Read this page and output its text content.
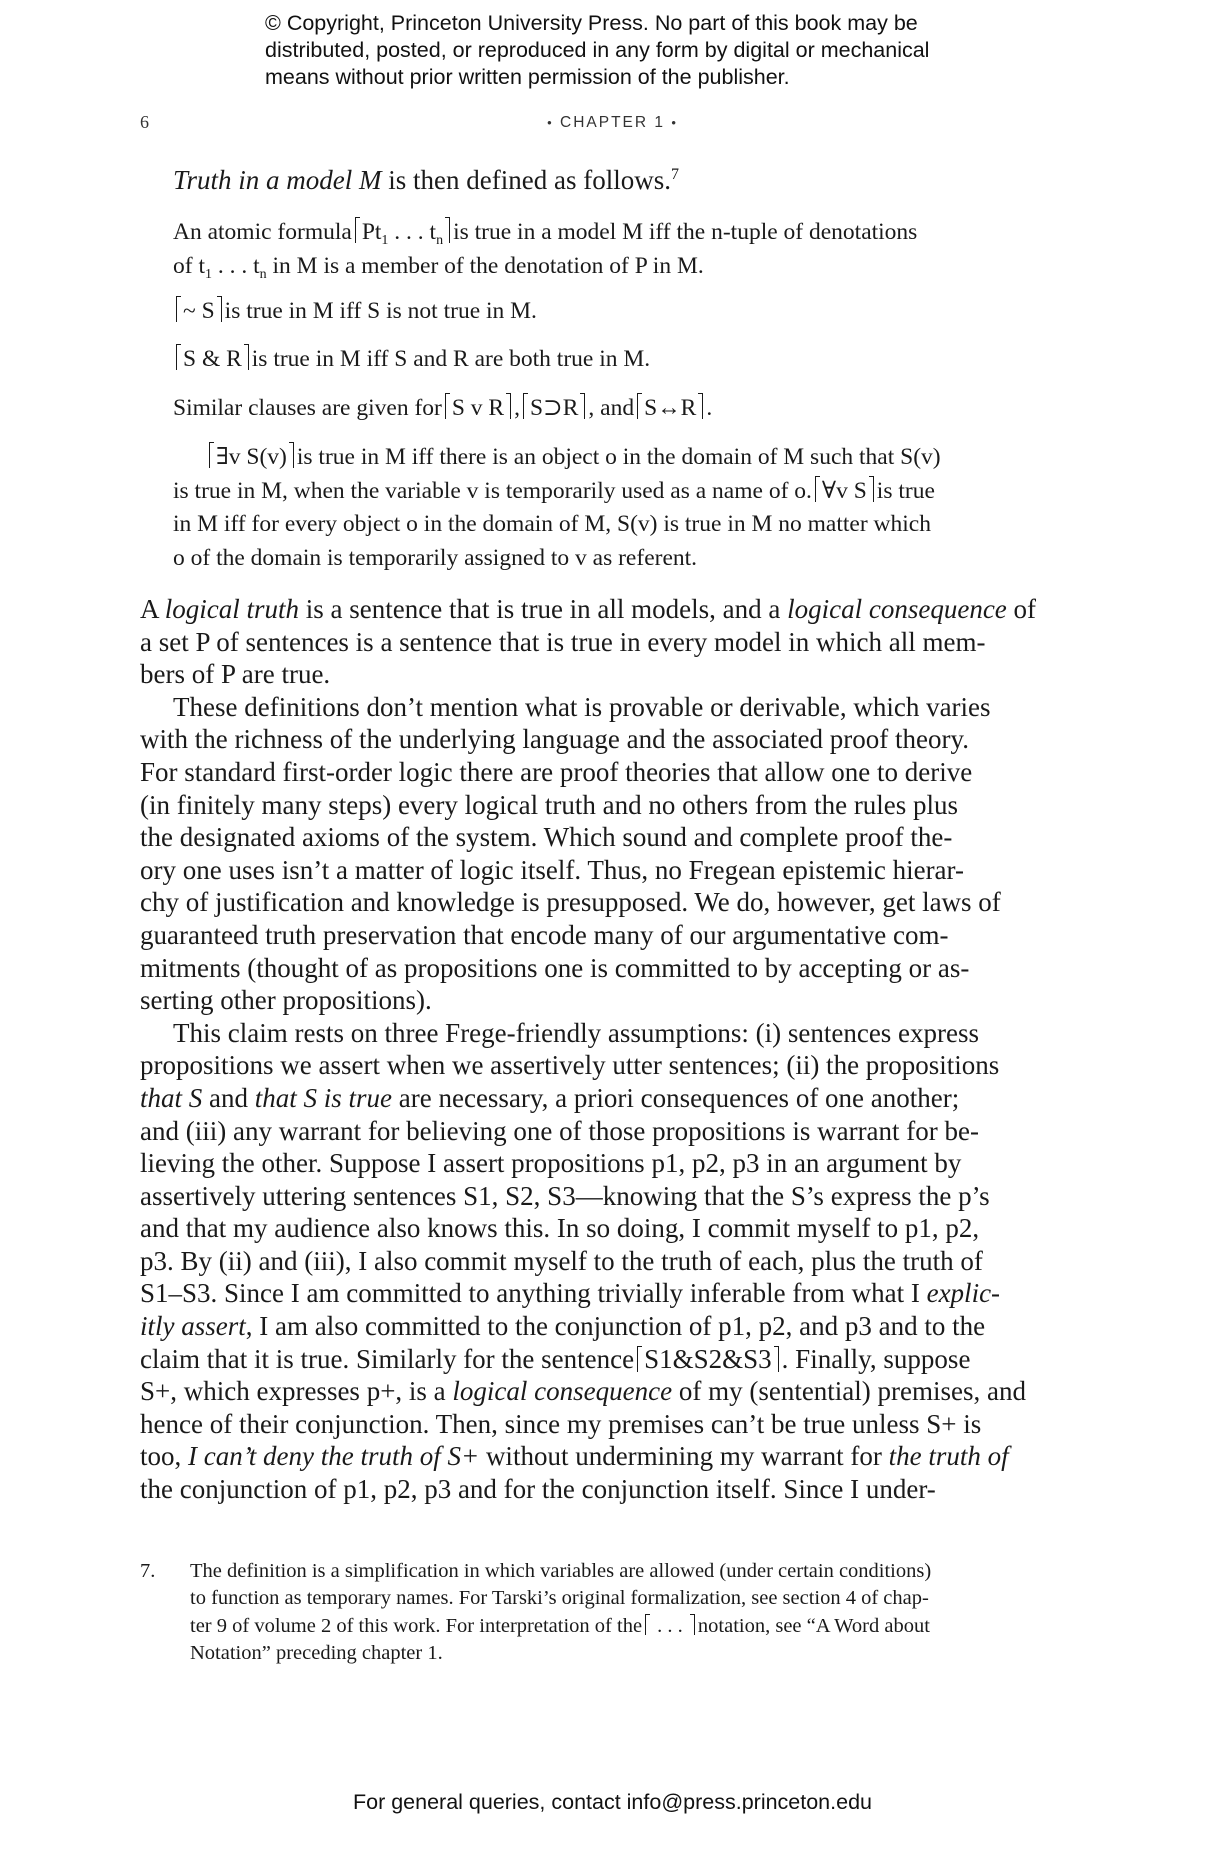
© Copyright, Princeton University Press. No part of this book may be
distributed, posted, or reproduced in any form by digital or mechanical
means without prior written permission of the publisher.
6	• CHAPTER 1 •
Truth in a model M is then defined as follows.$^7$
An atomic formula $Pt_1$ . . . $t_n$ is true in a model M iff the n-tuple of denotations
of $t_1$ . . . $t_n$ in M is a member of the denotation of P in M.
~ S is true in M iff S is not true in M.
S & R is true in M iff S and R are both true in M.
Similar clauses are given for S v R , S⊃R , and S↔R .
∃v S(v) is true in M iff there is an object o in the domain of M such that S(v)
is true in M, when the variable v is temporarily used as a name of o. ∀v S is true
in M iff for every object o in the domain of M, S(v) is true in M no matter which
o of the domain is temporarily assigned to v as referent.
A logical truth is a sentence that is true in all models, and a logical consequence of
a set P of sentences is a sentence that is true in every model in which all mem-
bers of P are true.
These definitions don’t mention what is provable or derivable, which varies
with the richness of the underlying language and the associated proof theory.
For standard first-order logic there are proof theories that allow one to derive
(in finitely many steps) every logical truth and no others from the rules plus
the designated axioms of the system. Which sound and complete proof the-
ory one uses isn’t a matter of logic itself. Thus, no Fregean epistemic hierar-
chy of justification and knowledge is presupposed. We do, however, get laws of
guaranteed truth preservation that encode many of our argumentative com-
mitments (thought of as propositions one is committed to by accepting or as-
serting other propositions).
This claim rests on three Frege-friendly assumptions: (i) sentences express
propositions we assert when we assertively utter sentences; (ii) the propositions
that S and that S is true are necessary, a priori consequences of one another;
and (iii) any warrant for believing one of those propositions is warrant for be-
lieving the other. Suppose I assert propositions p1, p2, p3 in an argument by
assertively uttering sentences S1, S2, S3—knowing that the S’s express the p’s
and that my audience also knows this. In so doing, I commit myself to p1, p2,
p3. By (ii) and (iii), I also commit myself to the truth of each, plus the truth of
S1–S3. Since I am committed to anything trivially inferable from what I explic-
itly assert, I am also committed to the conjunction of p1, p2, and p3 and to the
claim that it is true. Similarly for the sentence S1&S2&S3 . Finally, suppose
S+, which expresses p+, is a logical consequence of my (sentential) premises, and
hence of their conjunction. Then, since my premises can’t be true unless S+ is
too, I can’t deny the truth of S+ without undermining my warrant for the truth of
the conjunction of p1, p2, p3 and for the conjunction itself. Since I under-
7. The definition is a simplification in which variables are allowed (under certain conditions)
to function as temporary names. For Tarski’s original formalization, see section 4 of chap-
ter 9 of volume 2 of this work. For interpretation of the . . . notation, see “A Word about
Notation” preceding chapter 1.
For general queries, contact info@press.princeton.edu
